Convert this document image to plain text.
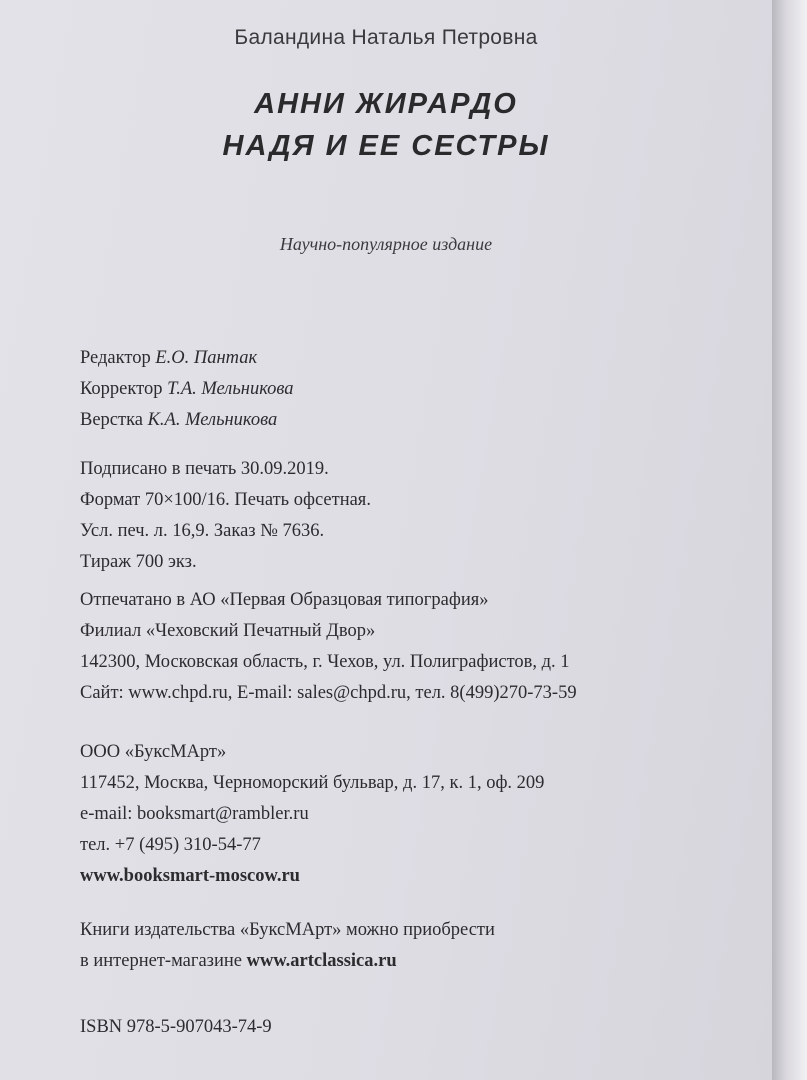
Баландина Наталья Петровна
АННИ ЖИРАРДО
НАДЯ И ЕЕ СЕСТРЫ
Научно-популярное издание
Редактор Е.О. Пантак
Корректор Т.А. Мельникова
Верстка К.А. Мельникова
Подписано в печать 30.09.2019.
Формат 70×100/16. Печать офсетная.
Усл. печ. л. 16,9. Заказ № 7636.
Тираж 700 экз.
Отпечатано в АО «Первая Образцовая типография»
Филиал «Чеховский Печатный Двор»
142300, Московская область, г. Чехов, ул. Полиграфистов, д. 1
Сайт: www.chpd.ru, E-mail: sales@chpd.ru, тел. 8(499)270-73-59
ООО «БуксМАрт»
117452, Москва, Черноморский бульвар, д. 17, к. 1, оф. 209
e-mail: booksmart@rambler.ru
тел. +7 (495) 310-54-77
www.booksmart-moscow.ru
Книги издательства «БуксМАрт» можно приобрести
в интернет-магазине www.artclassica.ru
ISBN 978-5-907043-74-9
